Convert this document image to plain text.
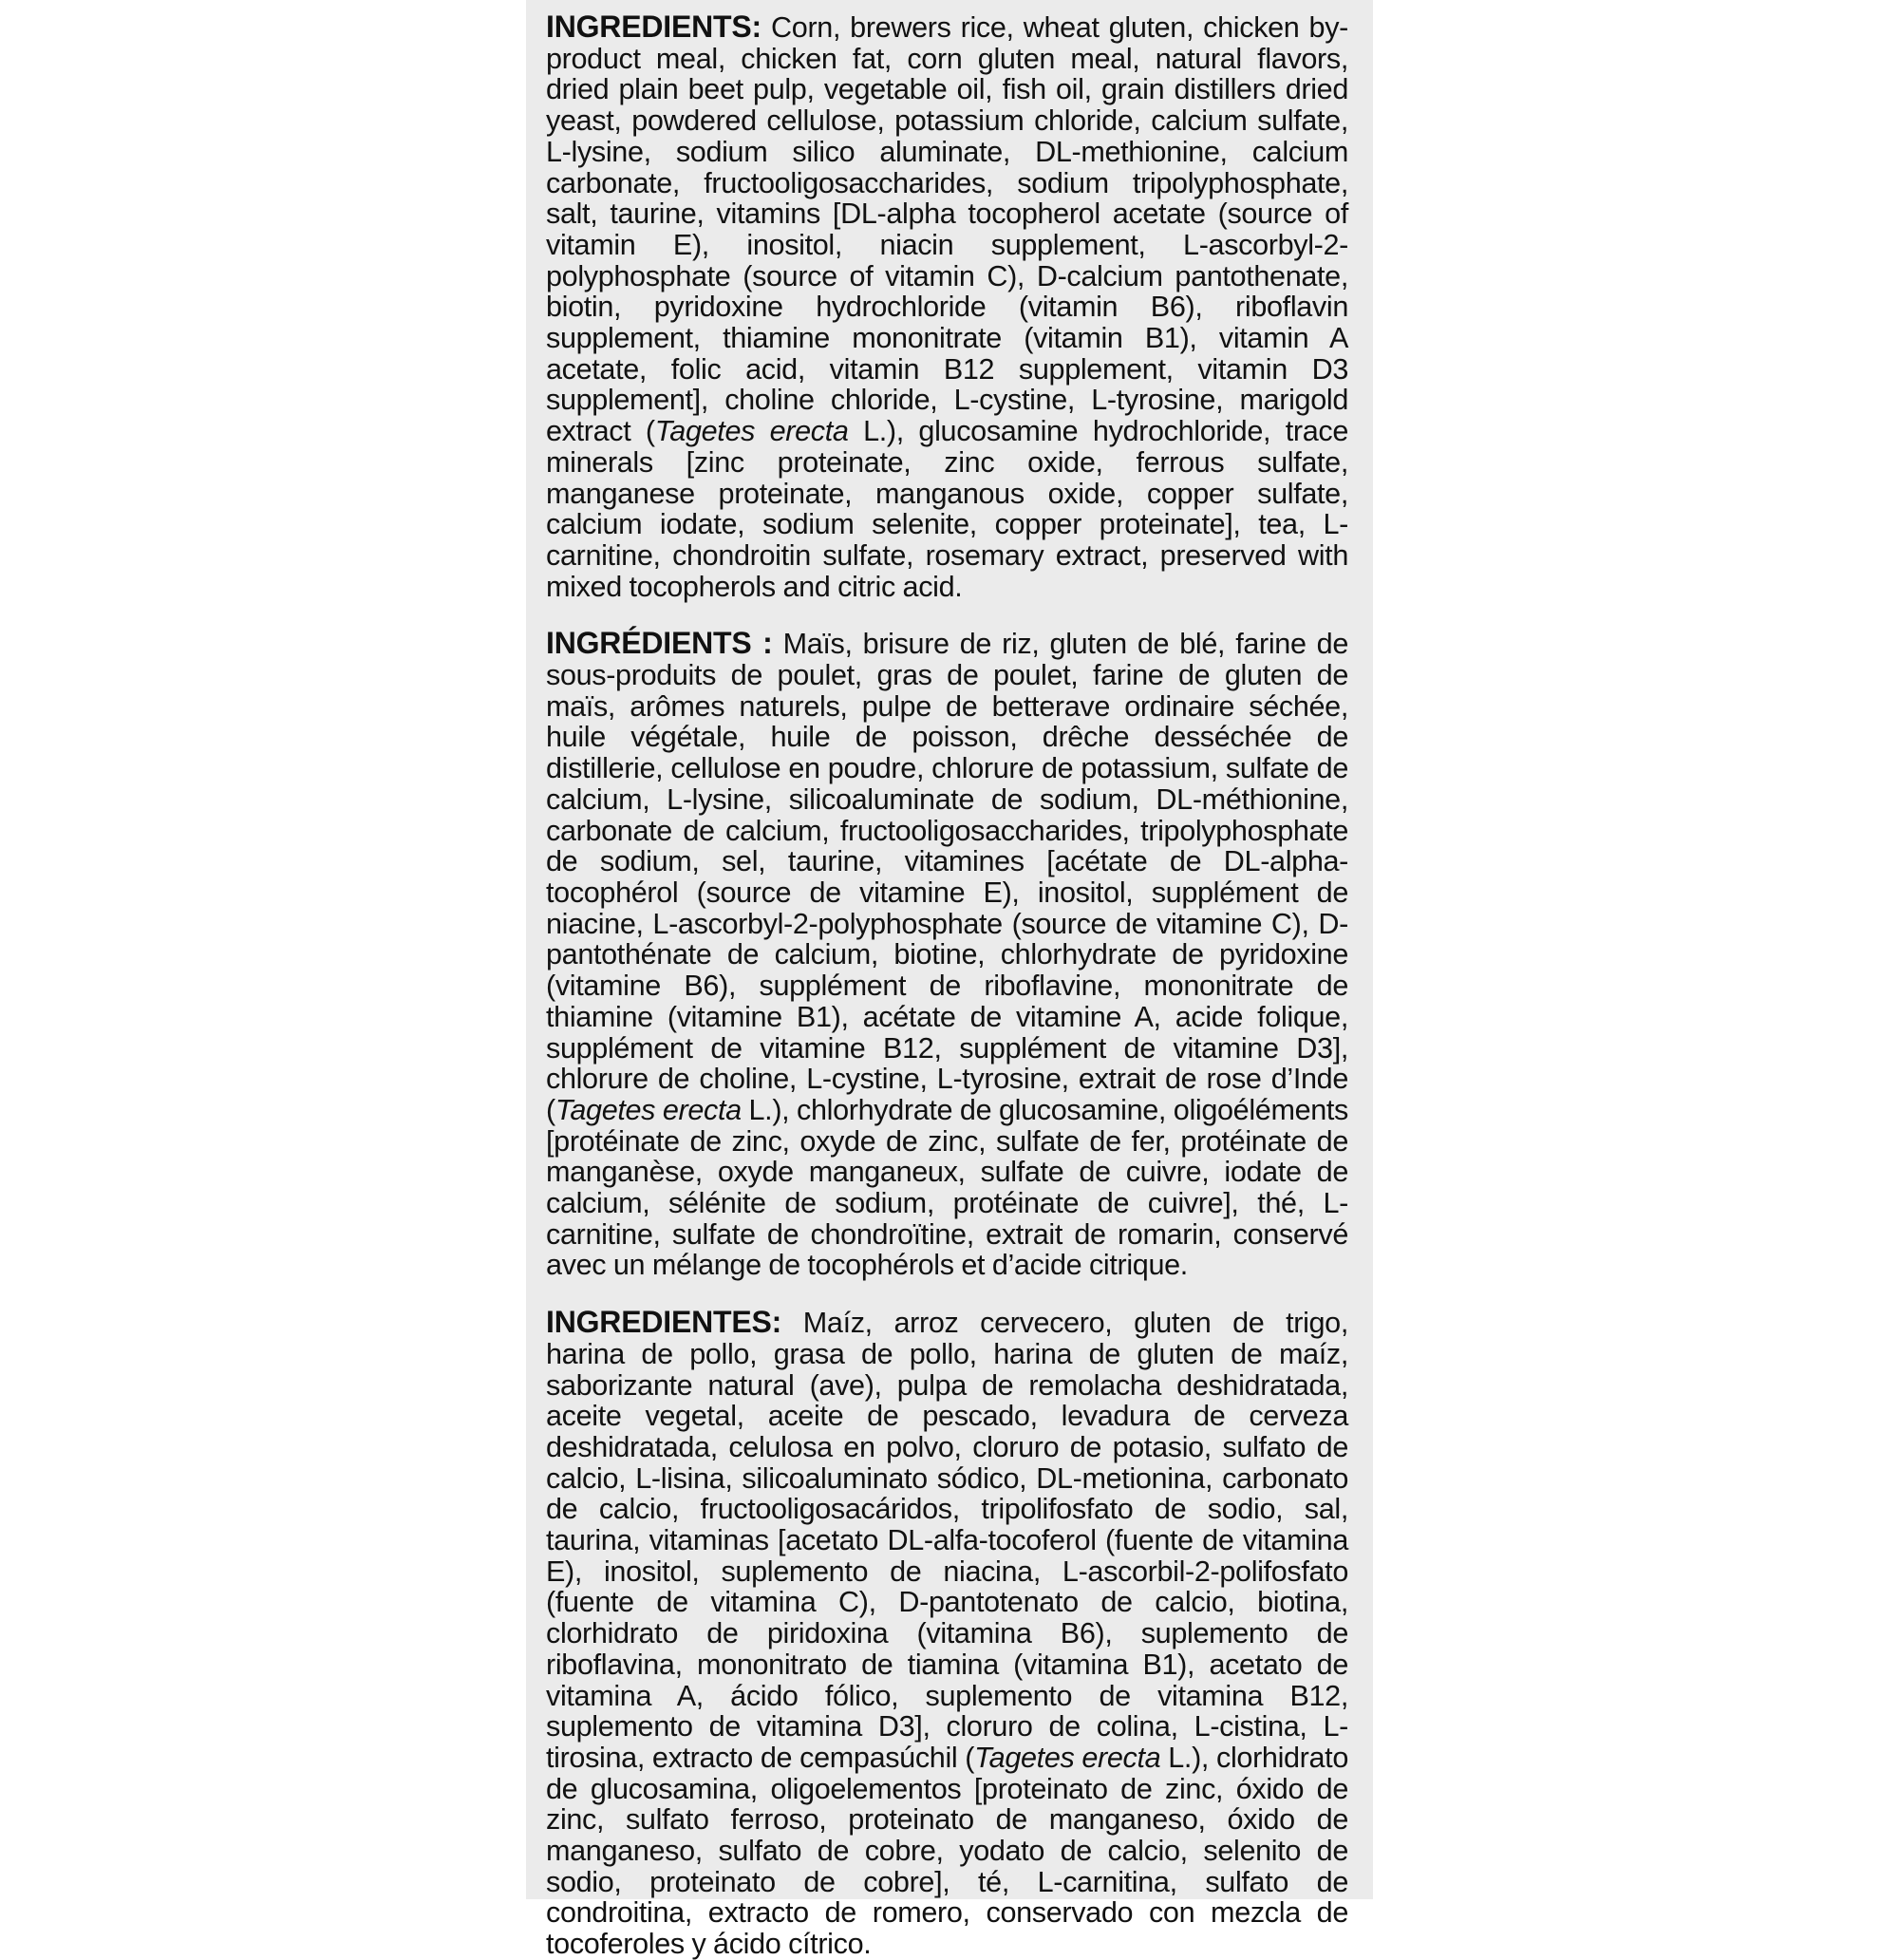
INGREDIENTS: Corn, brewers rice, wheat gluten, chicken by-product meal, chicken fat, corn gluten meal, natural flavors, dried plain beet pulp, vegetable oil, fish oil, grain distillers dried yeast, powdered cellulose, potassium chloride, calcium sulfate, L-lysine, sodium silico aluminate, DL-methionine, calcium carbonate, fructooligosaccharides, sodium tripolyphosphate, salt, taurine, vitamins [DL-alpha tocopherol acetate (source of vitamin E), inositol, niacin supplement, L-ascorbyl-2-polyphosphate (source of vitamin C), D-calcium pantothenate, biotin, pyridoxine hydrochloride (vitamin B6), riboflavin supplement, thiamine mononitrate (vitamin B1), vitamin A acetate, folic acid, vitamin B12 supplement, vitamin D3 supplement], choline chloride, L-cystine, L-tyrosine, marigold extract (Tagetes erecta L.), glucosamine hydrochloride, trace minerals [zinc proteinate, zinc oxide, ferrous sulfate, manganese proteinate, manganous oxide, copper sulfate, calcium iodate, sodium selenite, copper proteinate], tea, L-carnitine, chondroitin sulfate, rosemary extract, preserved with mixed tocopherols and citric acid.

INGRÉDIENTS : Maïs, brisure de riz, gluten de blé, farine de sous-produits de poulet, gras de poulet, farine de gluten de maïs, arômes naturels, pulpe de betterave ordinaire séchée, huile végétale, huile de poisson, drêche desséchée de distillerie, cellulose en poudre, chlorure de potassium, sulfate de calcium, L-lysine, silicoaluminate de sodium, DL-méthionine, carbonate de calcium, fructooligosaccharides, tripolyphosphate de sodium, sel, taurine, vitamines [acétate de DL-alpha-tocophérol (source de vitamine E), inositol, supplément de niacine, L-ascorbyl-2-polyphosphate (source de vitamine C), D-pantothénate de calcium, biotine, chlorhydrate de pyridoxine (vitamine B6), supplément de riboflavine, mononitrate de thiamine (vitamine B1), acétate de vitamine A, acide folique, supplément de vitamine B12, supplément de vitamine D3], chlorure de choline, L-cystine, L-tyrosine, extrait de rose d’Inde (Tagetes erecta L.), chlorhydrate de glucosamine, oligoéléments [protéinate de zinc, oxyde de zinc, sulfate de fer, protéinate de manganèse, oxyde manganeux, sulfate de cuivre, iodate de calcium, sélénite de sodium, protéinate de cuivre], thé, L-carnitine, sulfate de chondroïtine, extrait de romarin, conservé avec un mélange de tocophérols et d’acide citrique.

INGREDIENTES: Maíz, arroz cervecero, gluten de trigo, harina de pollo, grasa de pollo, harina de gluten de maíz, saborizante natural (ave), pulpa de remolacha deshidratada, aceite vegetal, aceite de pescado, levadura de cerveza deshidratada, celulosa en polvo, cloruro de potasio, sulfato de calcio, L-lisina, silicoaluminato sódico, DL-metionina, carbonato de calcio, fructooligosacáridos, tripolifosfato de sodio, sal, taurina, vitaminas [acetato DL-alfa-tocoferol (fuente de vitamina E), inositol, suplemento de niacina, L-ascorbil-2-polifosfato (fuente de vitamina C), D-pantotenato de calcio, biotina, clorhidrato de piridoxina (vitamina B6), suplemento de riboflavina, mononitrato de tiamina (vitamina B1), acetato de vitamina A, ácido fólico, suplemento de vitamina B12, suplemento de vitamina D3], cloruro de colina, L-cistina, L-tirosina, extracto de cempasúchil (Tagetes erecta L.), clorhidrato de glucosamina, oligoelementos [proteinato de zinc, óxido de zinc, sulfato ferroso, proteinato de manganeso, óxido de manganeso, sulfato de cobre, yodato de calcio, selenito de sodio, proteinato de cobre], té, L-carnitina, sulfato de condroitina, extracto de romero, conservado con mezcla de tocoferoles y ácido cítrico.
